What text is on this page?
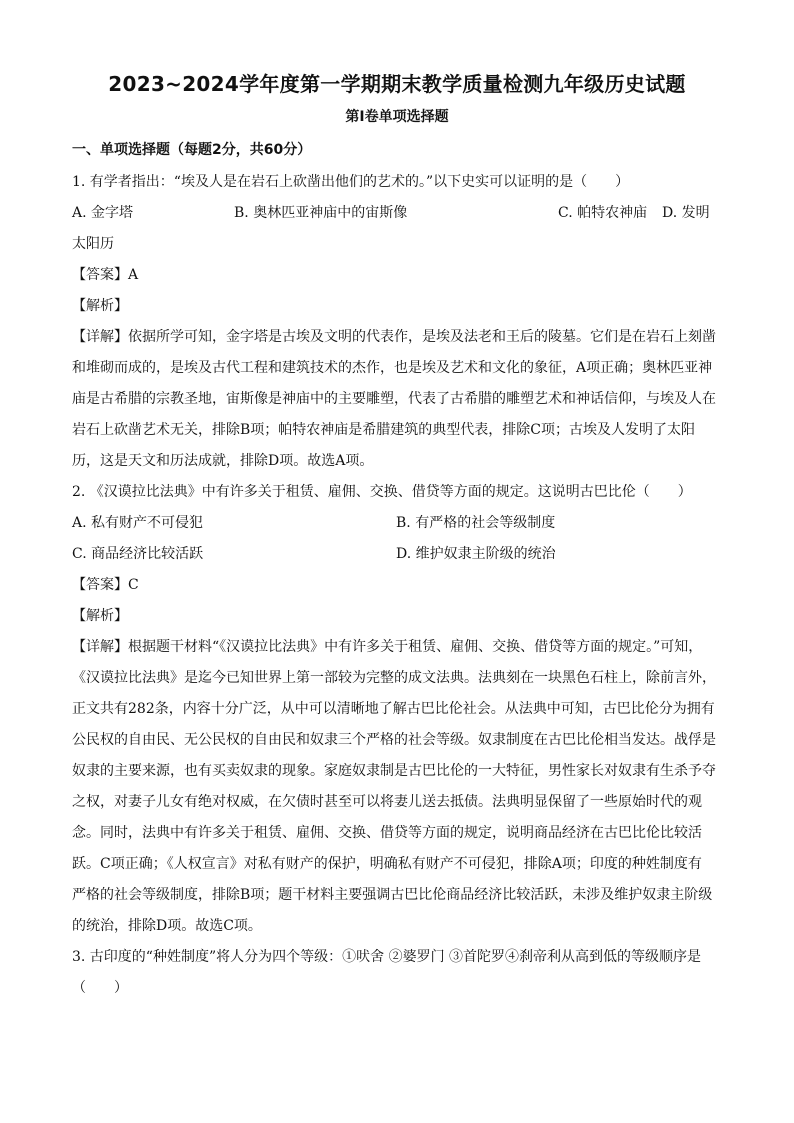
2023~2024学年度第一学期期末教学质量检测九年级历史试题
第Ⅰ卷单项选择题
一、单项选择题（每题2分，共60分）
1. 有学者指出：“埃及人是在岩石上砍凿出他们的艺术的。”以下史实可以证明的是（　　）
A. 金字塔	B. 奥林匹亚神庙中的宙斯像	C. 帕特农神庙 D. 发明
太阳历
【答案】A
【解析】
【详解】依据所学可知，金字塔是古埃及文明的代表作，是埃及法老和王后的陵墓。它们是在岩石上刻凿
和堆砌而成的，是埃及古代工程和建筑技术的杰作，也是埃及艺术和文化的象征，A项正确；奥林匹亚神
庙是古希腊的宗教圣地，宙斯像是神庙中的主要雕塑，代表了古希腊的雕塑艺术和神话信仰，与埃及人在
岩石上砍凿艺术无关，排除B项；帕特农神庙是希腊建筑的典型代表，排除C项；古埃及人发明了太阳
历，这是天文和历法成就，排除D项。故选A项。
2. 《汉谟拉比法典》中有许多关于租赁、雇佣、交换、借贷等方面的规定。这说明古巴比伦（　　）
A. 私有财产不可侵犯	B. 有严格的社会等级制度
C. 商品经济比较活跃	D. 维护奴隶主阶级的统治
【答案】C
【解析】
【详解】根据题干材料“《汉谟拉比法典》中有许多关于租赁、雇佣、交换、借贷等方面的规定。”可知，
《汉谟拉比法典》是迄今已知世界上第一部较为完整的成文法典。法典刻在一块黑色石柱上，除前言外，
正文共有282条，内容十分广泛，从中可以清晰地了解古巴比伦社会。从法典中可知，古巴比伦分为拥有
公民权的自由民、无公民权的自由民和奴隶三个严格的社会等级。奴隶制度在古巴比伦相当发达。战俘是
奴隶的主要来源，也有买卖奴隶的现象。家庭奴隶制是古巴比伦的一大特征，男性家长对奴隶有生杀予夺
之权，对妻子儿女有绝对权威，在欠债时甚至可以将妻儿送去抵债。法典明显保留了一些原始时代的观
念。同时，法典中有许多关于租赁、雇佣、交换、借贷等方面的规定，说明商品经济在古巴比伦比较活
跃。C项正确；《人权宣言》对私有财产的保护，明确私有财产不可侵犯，排除A项；印度的种姓制度有
严格的社会等级制度，排除B项；题干材料主要强调古巴比伦商品经济比较活跃，未涉及维护奴隶主阶级
的统治，排除D项。故选C项。
3. 古印度的“种姓制度”将人分为四个等级：①吠舍 ②婆罗门 ③首陀罗④刹帝利从高到低的等级顺序是
（　　）
